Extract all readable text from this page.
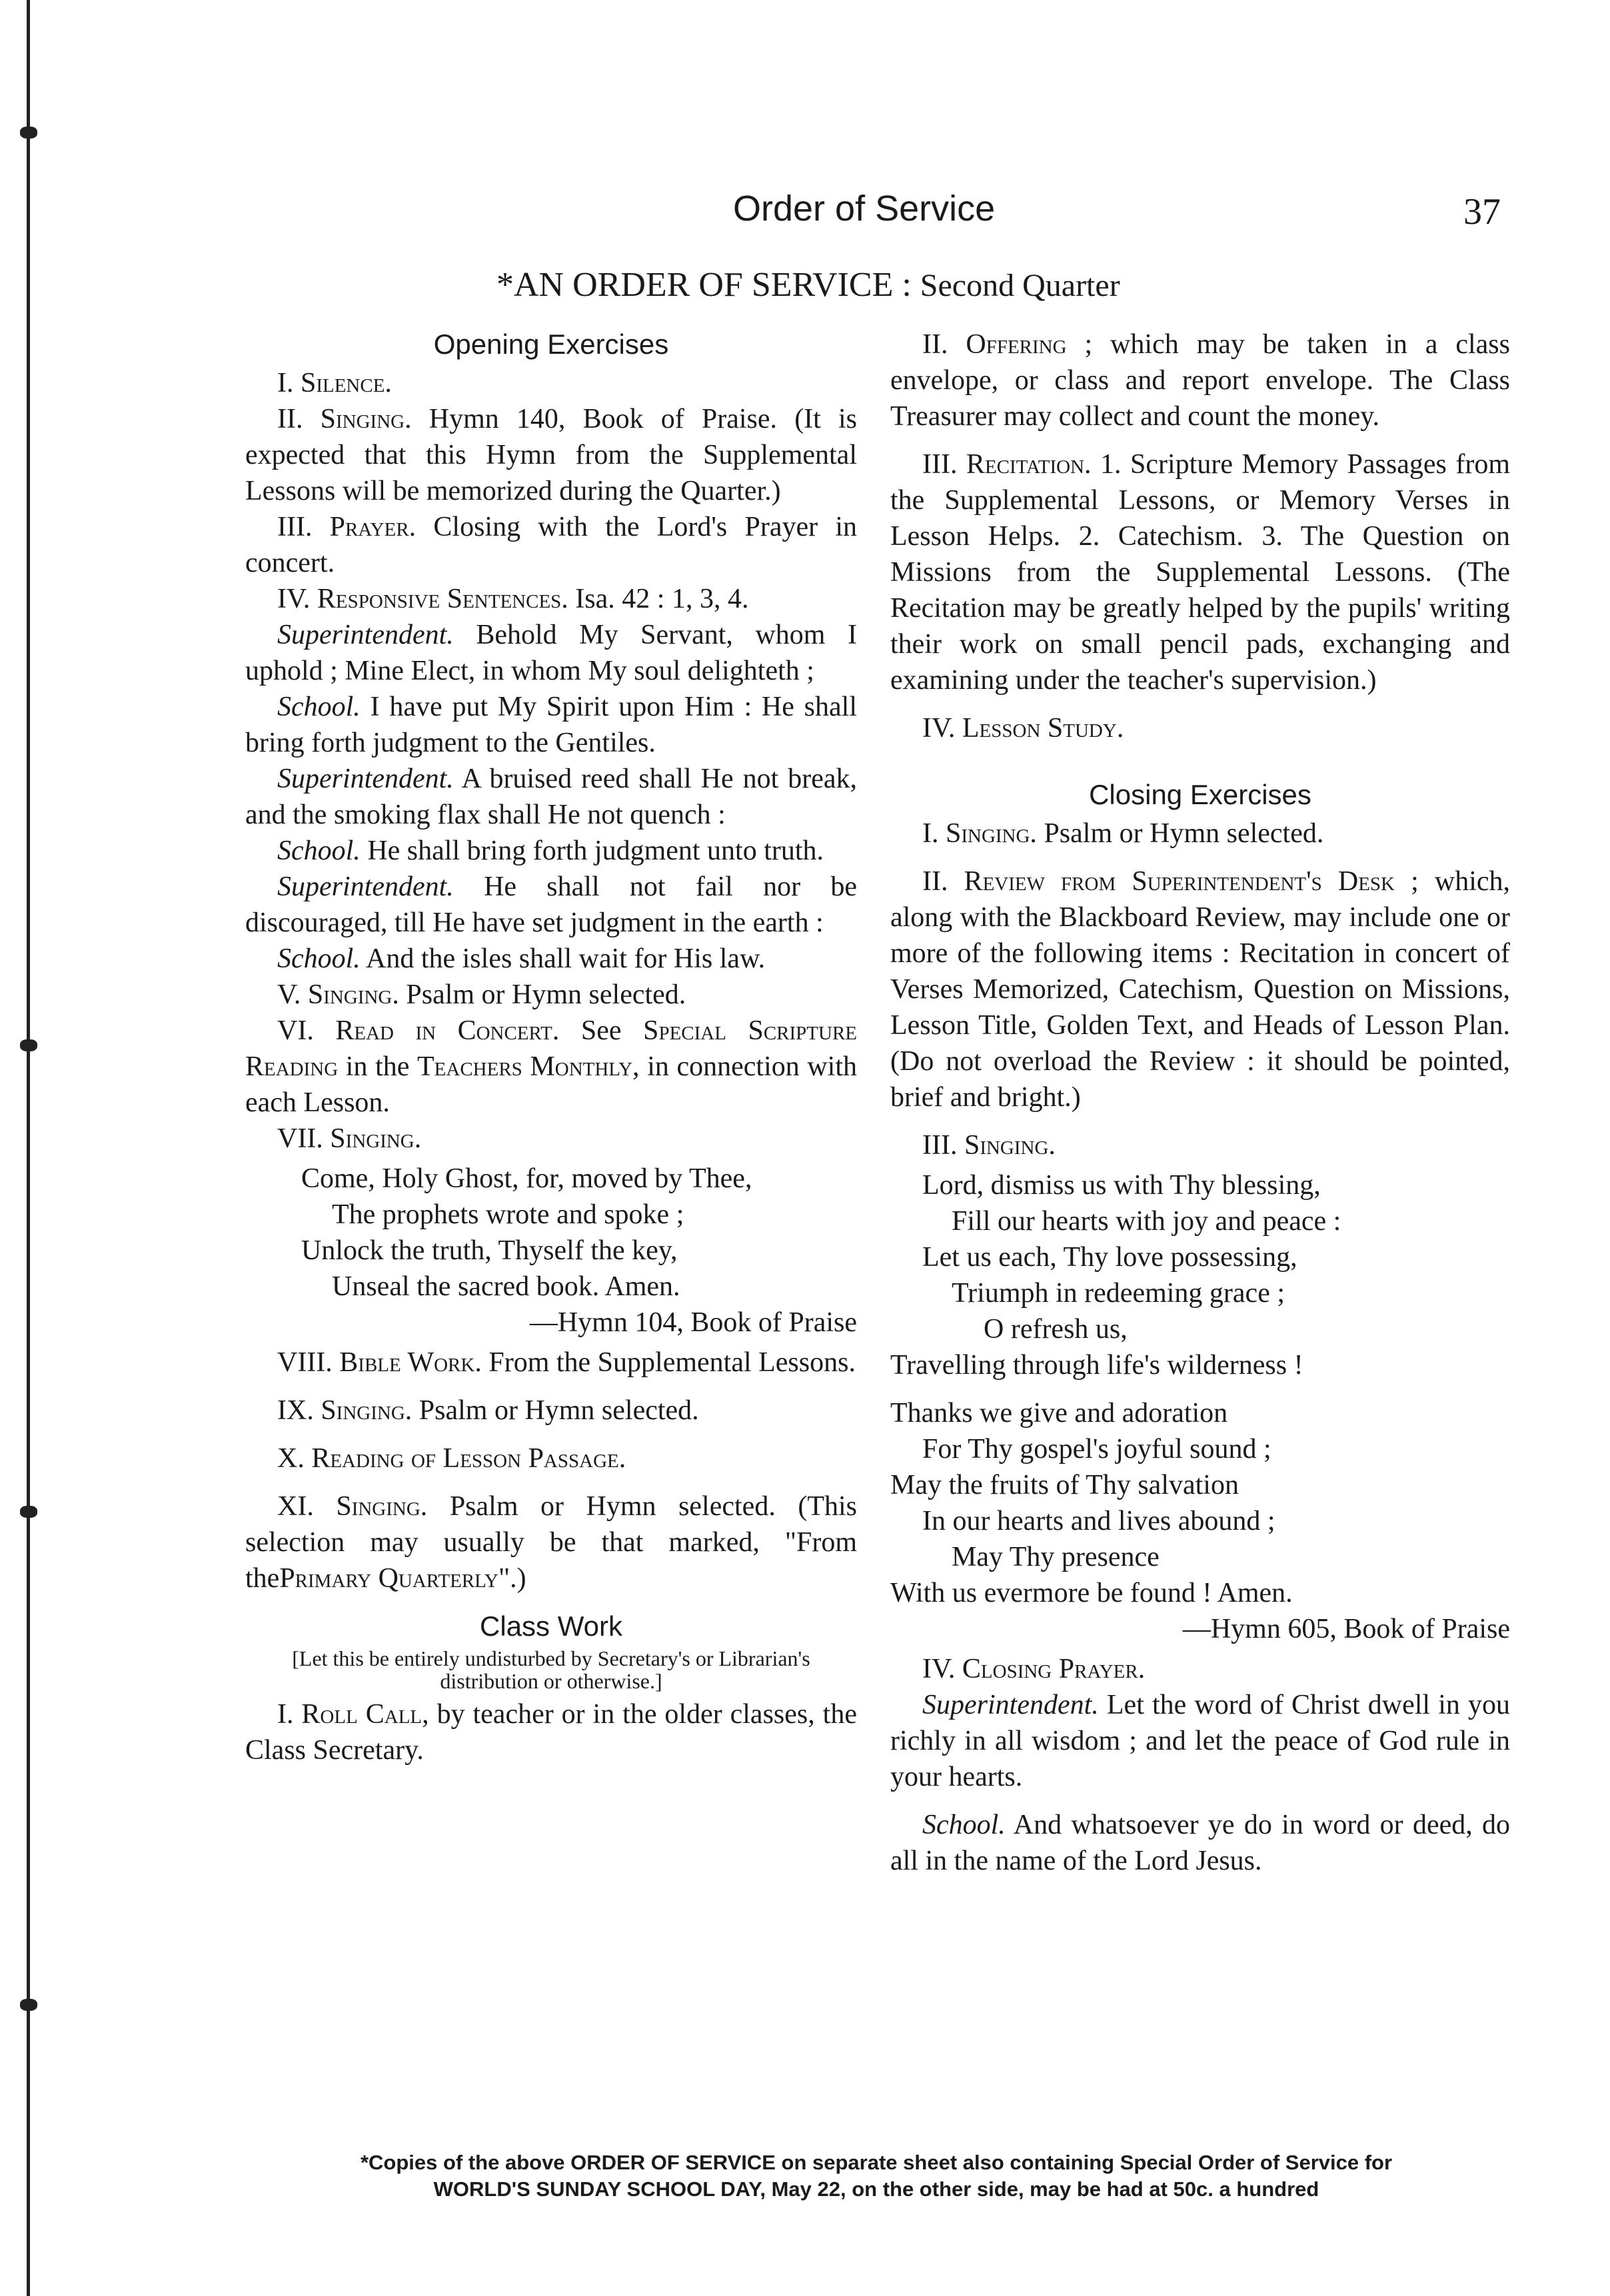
Order of Service	37
*AN ORDER OF SERVICE : Second Quarter
Opening Exercises
I. Silence.
II. Singing. Hymn 140, Book of Praise. (It is expected that this Hymn from the Supplemental Lessons will be memorized during the Quarter.)
III. Prayer. Closing with the Lord's Prayer in concert.
IV. Responsive Sentences. Isa. 42 : 1, 3, 4.
Superintendent. Behold My Servant, whom I uphold ; Mine Elect, in whom My soul delighteth ;
School. I have put My Spirit upon Him : He shall bring forth judgment to the Gentiles.
Superintendent. A bruised reed shall He not break, and the smoking flax shall He not quench :
School. He shall bring forth judgment unto truth.
Superintendent. He shall not fail nor be discouraged, till He have set judgment in the earth :
School. And the isles shall wait for His law.
V. Singing. Psalm or Hymn selected.
VI. Read in Concert. See Special Scripture Reading in the Teachers Monthly, in connection with each Lesson.
VII. Singing.
Come, Holy Ghost, for, moved by Thee,
The prophets wrote and spoke ;
Unlock the truth, Thyself the key,
Unseal the sacred book. Amen.
—Hymn 104, Book of Praise
VIII. Bible Work. From the Supplemental Lessons.
IX. Singing. Psalm or Hymn selected.
X. Reading of Lesson Passage.
XI. Singing. Psalm or Hymn selected. (This selection may usually be that marked, "From thePrimary Quarterly".)
Class Work
[Let this be entirely undisturbed by Secretary's or Librarian's distribution or otherwise.]
I. Roll Call, by teacher or in the older classes, the Class Secretary.
II. Offering ; which may be taken in a class envelope, or class and report envelope. The Class Treasurer may collect and count the money.
III. Recitation. 1. Scripture Memory Passages from the Supplemental Lessons, or Memory Verses in Lesson Helps. 2. Catechism. 3. The Question on Missions from the Supplemental Lessons. (The Recitation may be greatly helped by the pupils' writing their work on small pencil pads, exchanging and examining under the teacher's supervision.)
IV. Lesson Study.
Closing Exercises
I. Singing. Psalm or Hymn selected.
II. Review from Superintendent's Desk ; which, along with the Blackboard Review, may include one or more of the following items : Recitation in concert of Verses Memorized, Catechism, Question on Missions, Lesson Title, Golden Text, and Heads of Lesson Plan. (Do not overload the Review : it should be pointed, brief and bright.)
III. Singing.
Lord, dismiss us with Thy blessing,
Fill our hearts with joy and peace :
Let us each, Thy love possessing,
Triumph in redeeming grace ;
O refresh us,
Travelling through life's wilderness !
Thanks we give and adoration
For Thy gospel's joyful sound ;
May the fruits of Thy salvation
In our hearts and lives abound ;
May Thy presence
With us evermore be found ! Amen.
—Hymn 605, Book of Praise
IV. Closing Prayer.
Superintendent. Let the word of Christ dwell in you richly in all wisdom ; and let the peace of God rule in your hearts.
School. And whatsoever ye do in word or deed, do all in the name of the Lord Jesus.
*Copies of the above ORDER OF SERVICE on separate sheet also containing Special Order of Service for
WORLD'S SUNDAY SCHOOL DAY, May 22, on the other side, may be had at 50c. a hundred
